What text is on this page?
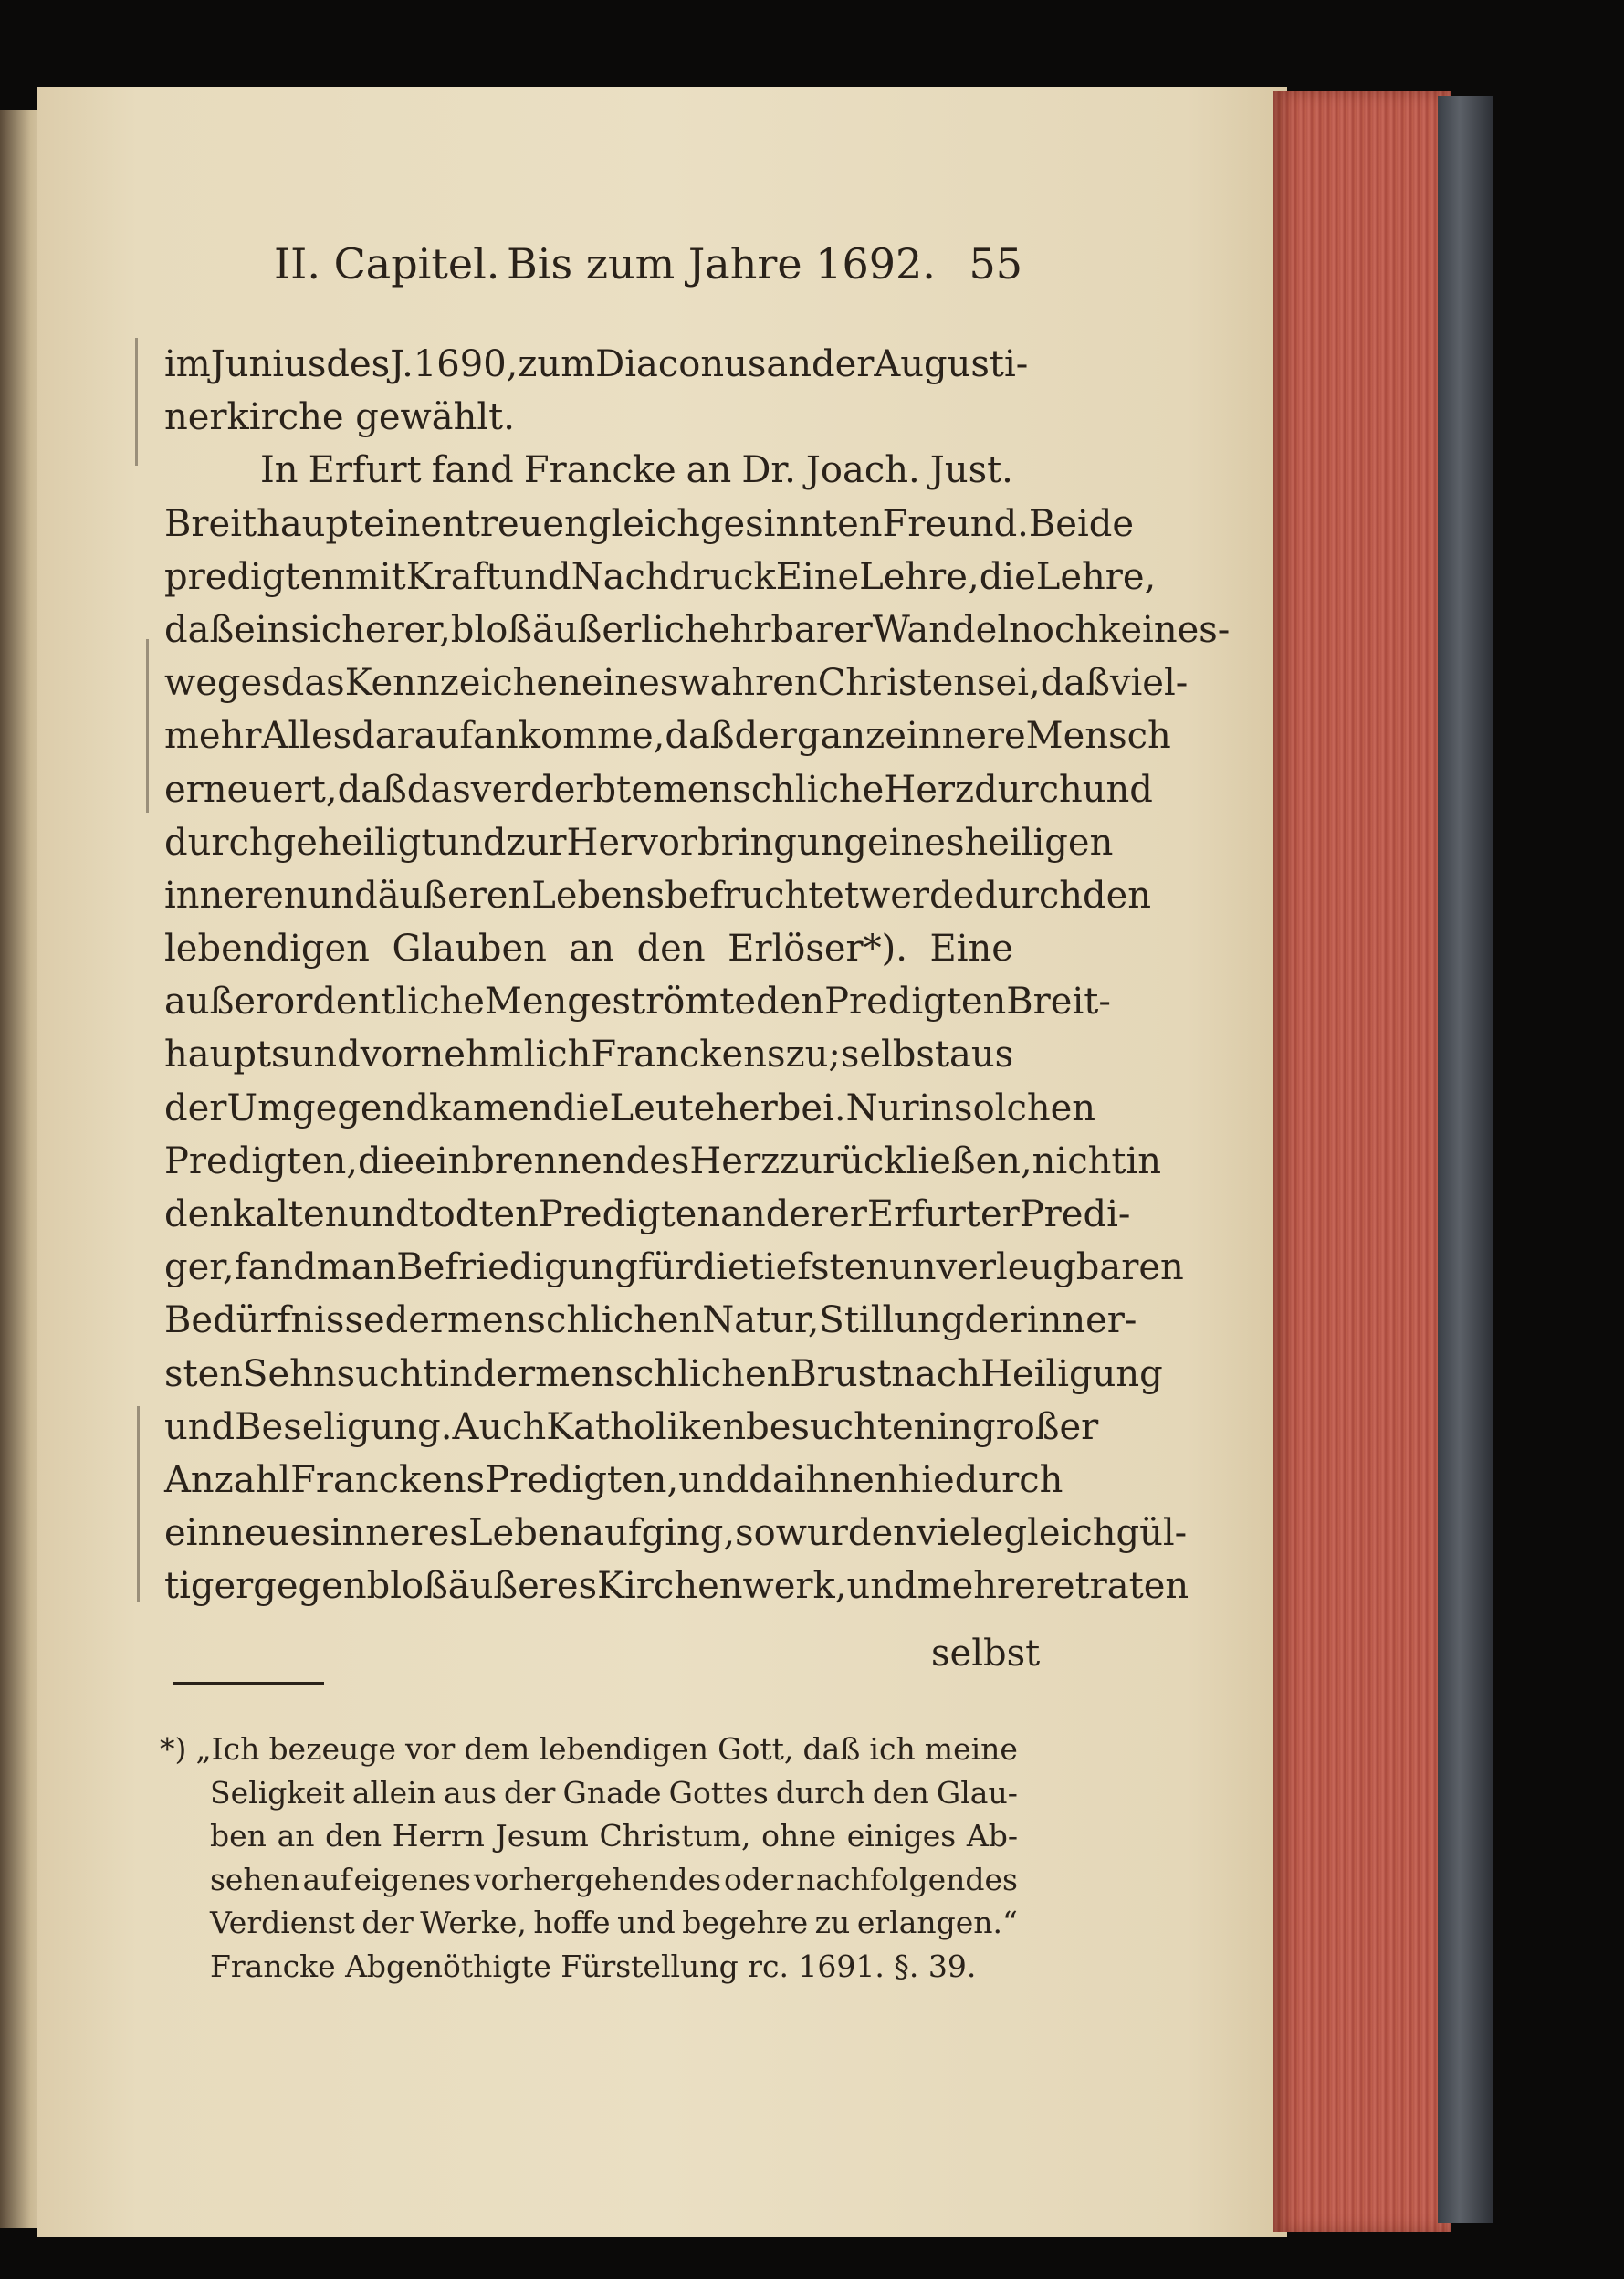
II. Capitel. Bis zum Jahre 1692. 55
im Junius des J. 1690, zum Diaconus an der Augusti-
nerkirche gewählt.
In Erfurt fand Francke an Dr. Joach. Just.
Breithaupt einen treuen gleichgesinnten Freund. Beide
predigten mit Kraft und Nachdruck Eine Lehre, die Lehre,
daß ein sicherer, bloß äußerlich ehrbarer Wandel noch keines-
weges das Kennzeichen eines wahren Christen sei, daß viel-
mehr Alles darauf ankomme, daß der ganze innere Mensch
erneuert, daß das verderbte menschliche Herz durch und
durch geheiligt und zur Hervorbringung eines heiligen
inneren und äußeren Lebens befruchtet werde durch den
lebendigen Glauben an den Erlöser*). Eine
außerordentliche Menge strömte den Predigten Breit-
haupts und vornehmlich Franckens zu; selbst aus
der Umgegend kamen die Leute herbei. Nur in solchen
Predigten, die ein brennendes Herz zurückließen, nicht in
den kalten und todten Predigten anderer Erfurter Predi-
ger, fand man Befriedigung für die tiefsten unverleugbaren
Bedürfnisse der menschlichen Natur, Stillung der inner-
sten Sehnsucht in der menschlichen Brust nach Heiligung
und Beseligung. Auch Katholiken besuchten in großer
Anzahl Franckens Predigten, und da ihnen hiedurch
ein neues inneres Leben aufging, so wurden viele gleichgül-
tiger gegen bloß äußeres Kirchenwerk, und mehrere traten
selbst
*) „Ich bezeuge vor dem lebendigen Gott, daß ich meine
Seligkeit allein aus der Gnade Gottes durch den Glau-
ben an den Herrn Jesum Christum, ohne einiges Ab-
sehen auf eigenes vorhergehendes oder nachfolgendes
Verdienst der Werke, hoffe und begehre zu erlangen.“
Francke Abgenöthigte Fürstellung rc. 1691. §. 39.
